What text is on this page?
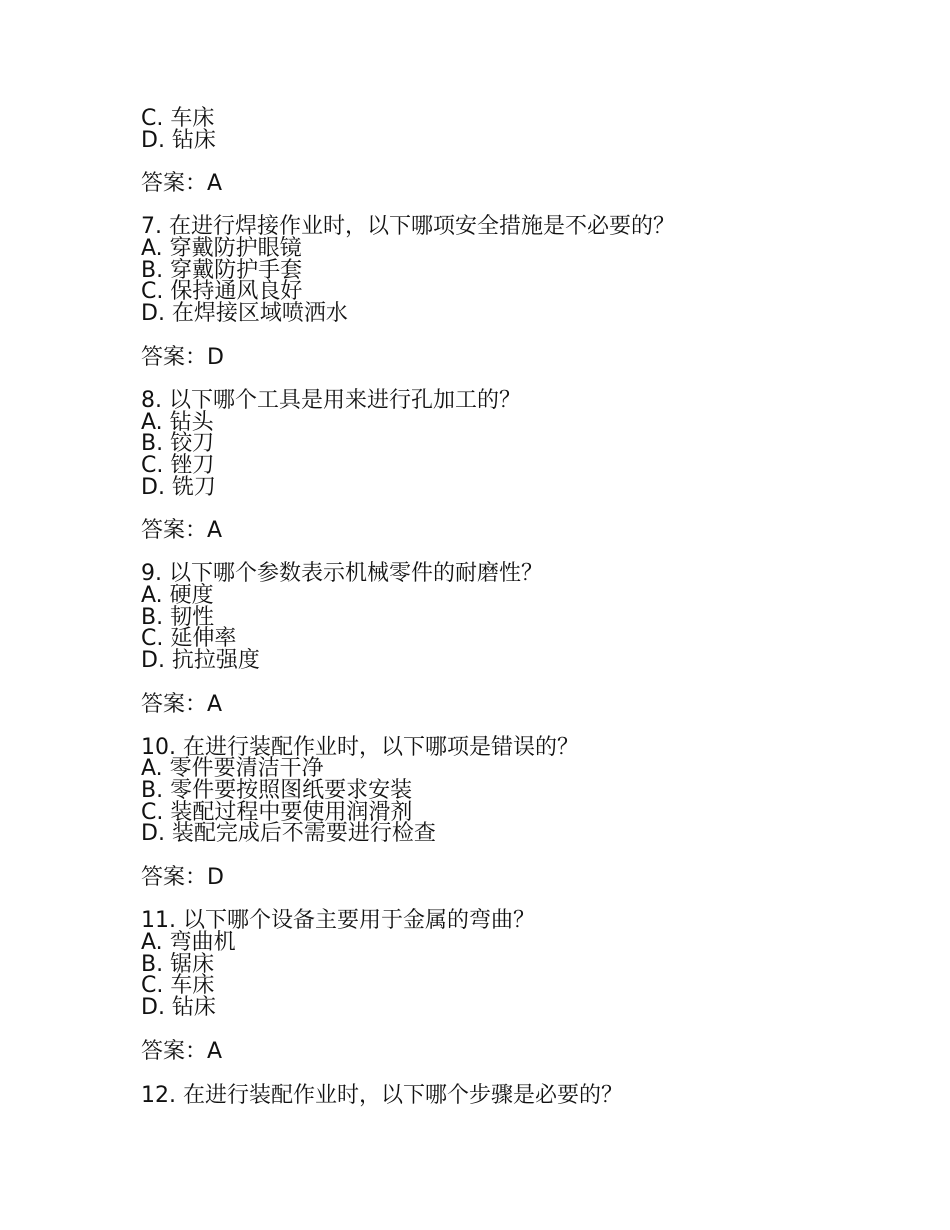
C. 车床
D. 钻床
答案：A
7. 在进行焊接作业时，以下哪项安全措施是不必要的？
A. 穿戴防护眼镜
B. 穿戴防护手套
C. 保持通风良好
D. 在焊接区域喷洒水
答案：D
8. 以下哪个工具是用来进行孔加工的？
A. 钻头
B. 铰刀
C. 锉刀
D. 铣刀
答案：A
9. 以下哪个参数表示机械零件的耐磨性？
A. 硬度
B. 韧性
C. 延伸率
D. 抗拉强度
答案：A
10. 在进行装配作业时，以下哪项是错误的？
A. 零件要清洁干净
B. 零件要按照图纸要求安装
C. 装配过程中要使用润滑剂
D. 装配完成后不需要进行检查
答案：D
11. 以下哪个设备主要用于金属的弯曲？
A. 弯曲机
B. 锯床
C. 车床
D. 钻床
答案：A
12. 在进行装配作业时，以下哪个步骤是必要的？
